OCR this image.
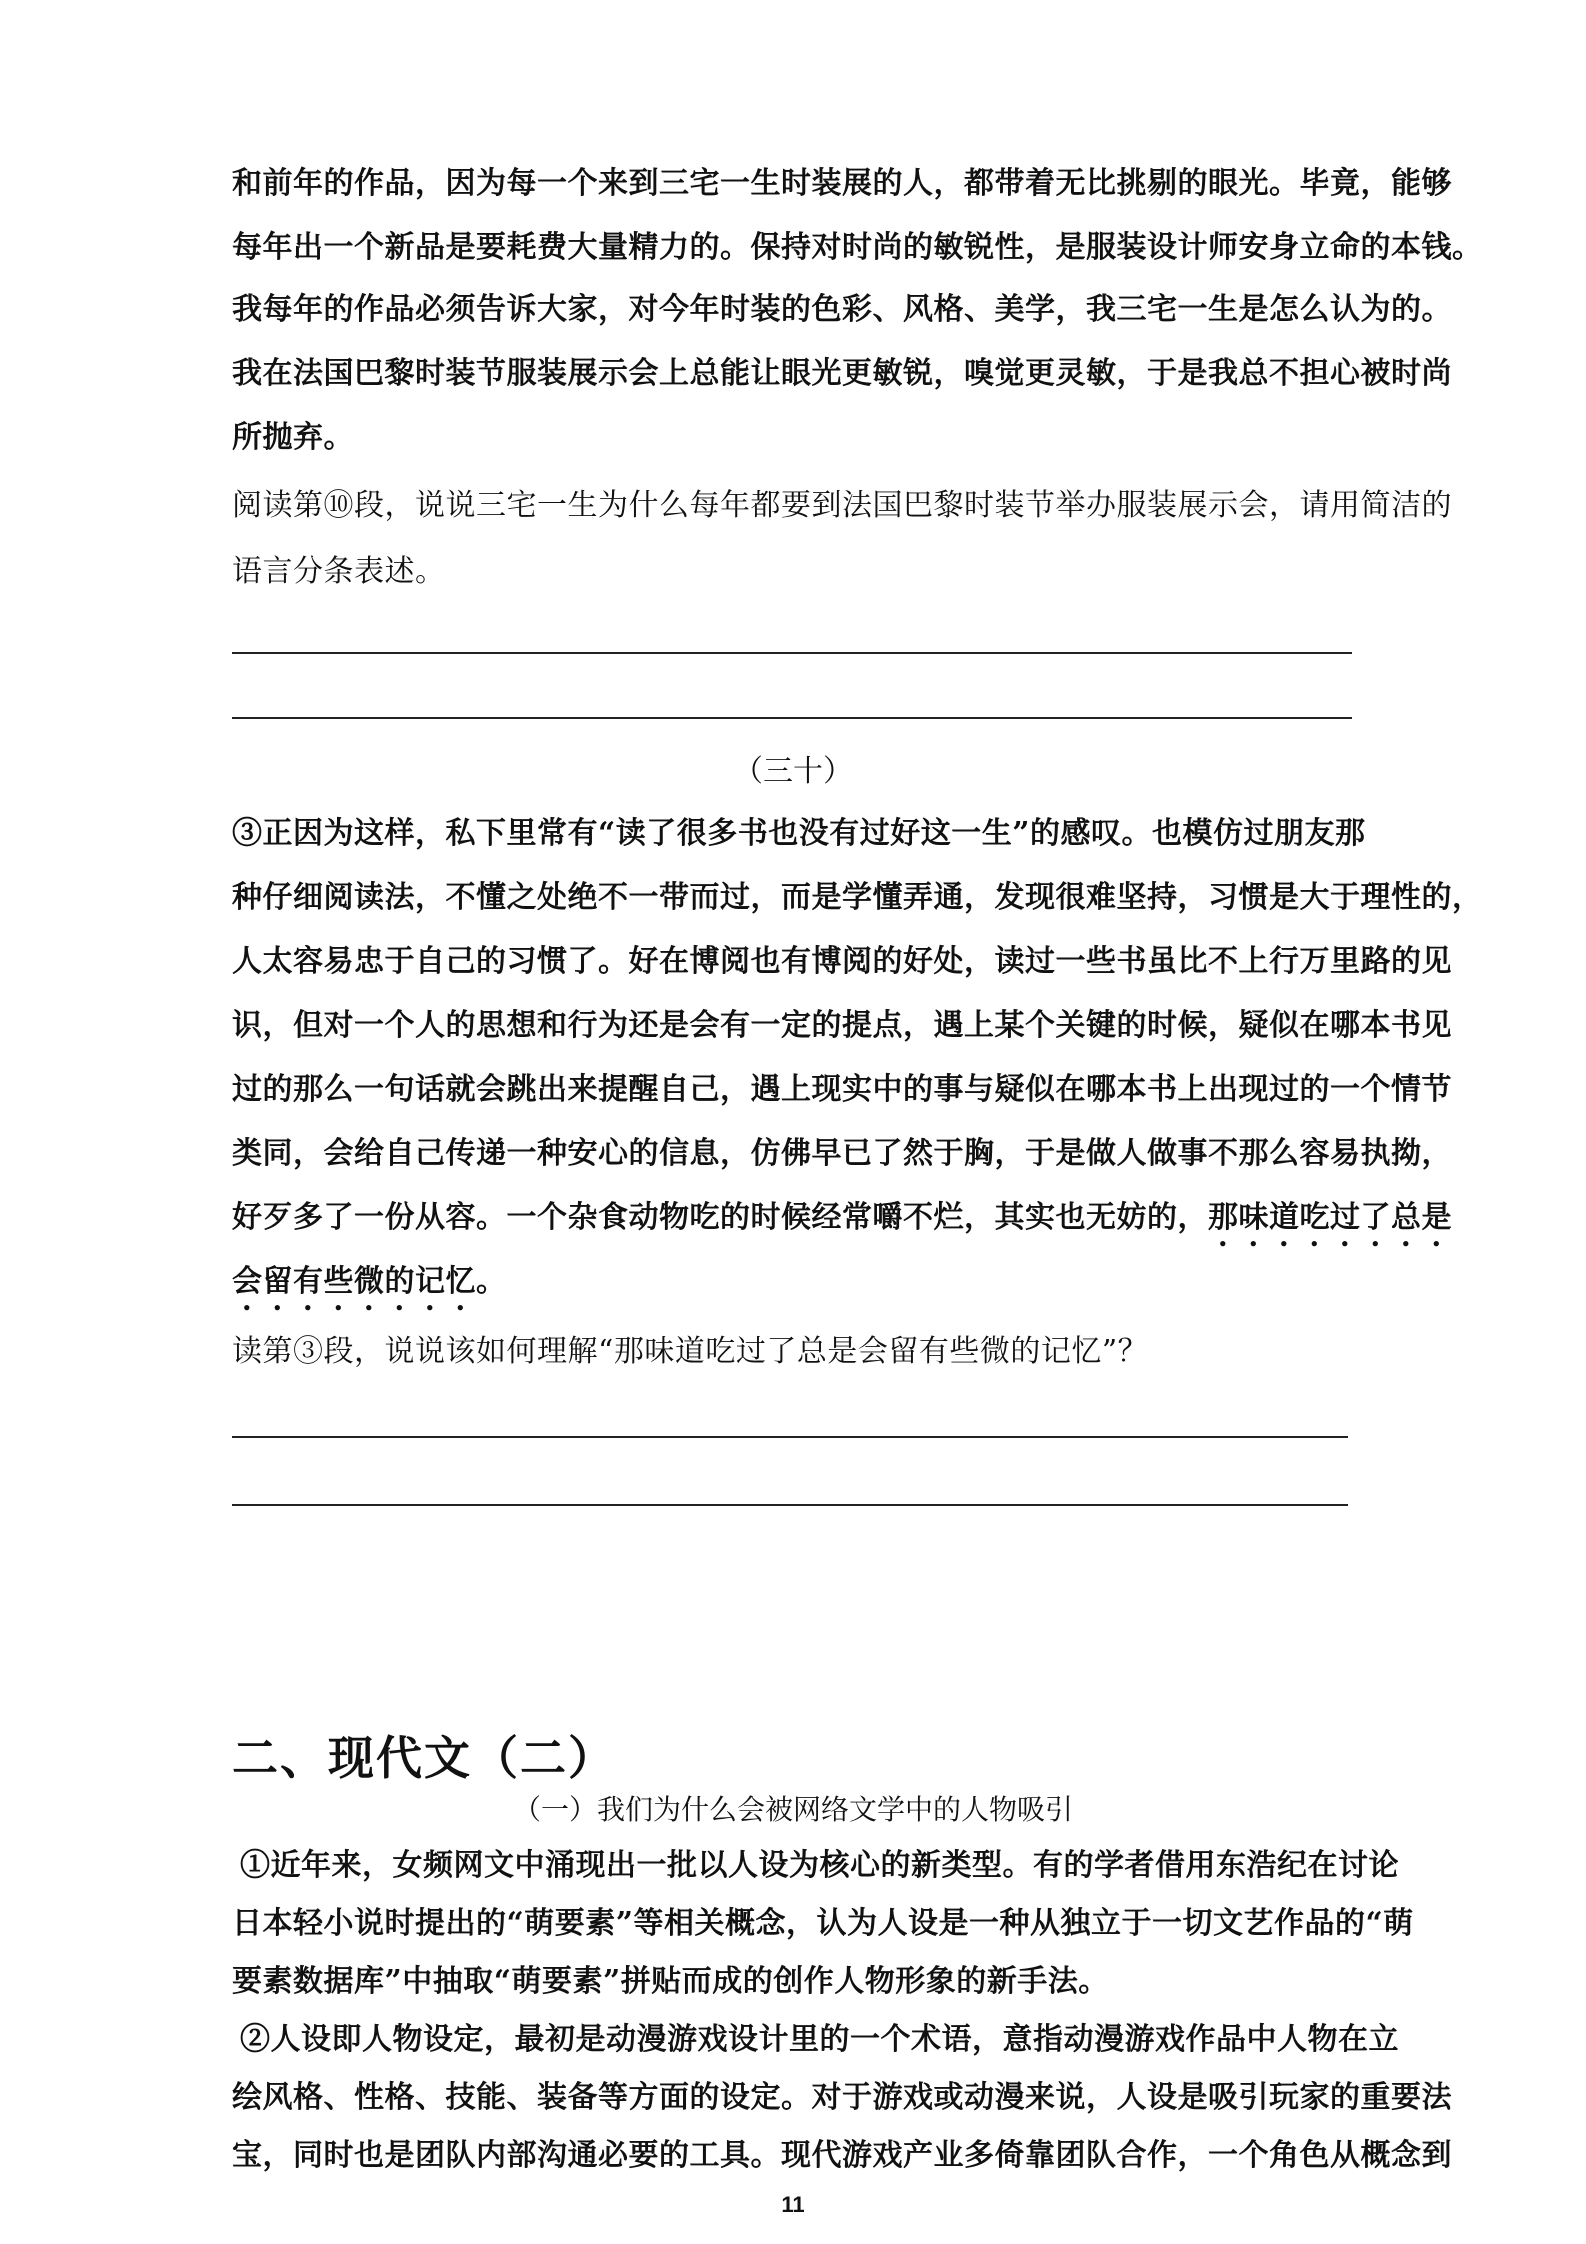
和前年的作品，因为每一个来到三宅一生时装展的人，都带着无比挑剔的眼光。毕竟，能够
每年出一个新品是要耗费大量精力的。保持对时尚的敏锐性，是服装设计师安身立命的本钱。
我每年的作品必须告诉大家，对今年时装的色彩、风格、美学，我三宅一生是怎么认为的。
我在法国巴黎时装节服装展示会上总能让眼光更敏锐，嗅觉更灵敏，于是我总不担心被时尚
所抛弃。
阅读第⑩段，说说三宅一生为什么每年都要到法国巴黎时装节举办服装展示会，请用简洁的
语言分条表述。
（三十）
③正因为这样，私下里常有“读了很多书也没有过好这一生”的感叹。也模仿过朋友那
种仔细阅读法，不懂之处绝不一带而过，而是学懂弄通，发现很难坚持，习惯是大于理性的，
人太容易忠于自己的习惯了。好在博阅也有博阅的好处，读过一些书虽比不上行万里路的见
识，但对一个人的思想和行为还是会有一定的提点，遇上某个关键的时候，疑似在哪本书见
过的那么一句话就会跳出来提醒自己，遇上现实中的事与疑似在哪本书上出现过的一个情节
类同，会给自己传递一种安心的信息，仿佛早已了然于胸，于是做人做事不那么容易执拗，
好歹多了一份从容。一个杂食动物吃的时候经常嚼不烂，其实也无妨的，那味道吃过了总是
会留有些微的记忆。
读第③段，说说该如何理解“那味道吃过了总是会留有些微的记忆”？
二、现代文（二）
（一）我们为什么会被网络文学中的人物吸引
①近年来，女频网文中涌现出一批以人设为核心的新类型。有的学者借用东浩纪在讨论
日本轻小说时提出的“萌要素”等相关概念，认为人设是一种从独立于一切文艺作品的“萌
要素数据库”中抽取“萌要素”拼贴而成的创作人物形象的新手法。
②人设即人物设定，最初是动漫游戏设计里的一个术语，意指动漫游戏作品中人物在立
绘风格、性格、技能、装备等方面的设定。对于游戏或动漫来说，人设是吸引玩家的重要法
宝，同时也是团队内部沟通必要的工具。现代游戏产业多倚靠团队合作，一个角色从概念到
11
